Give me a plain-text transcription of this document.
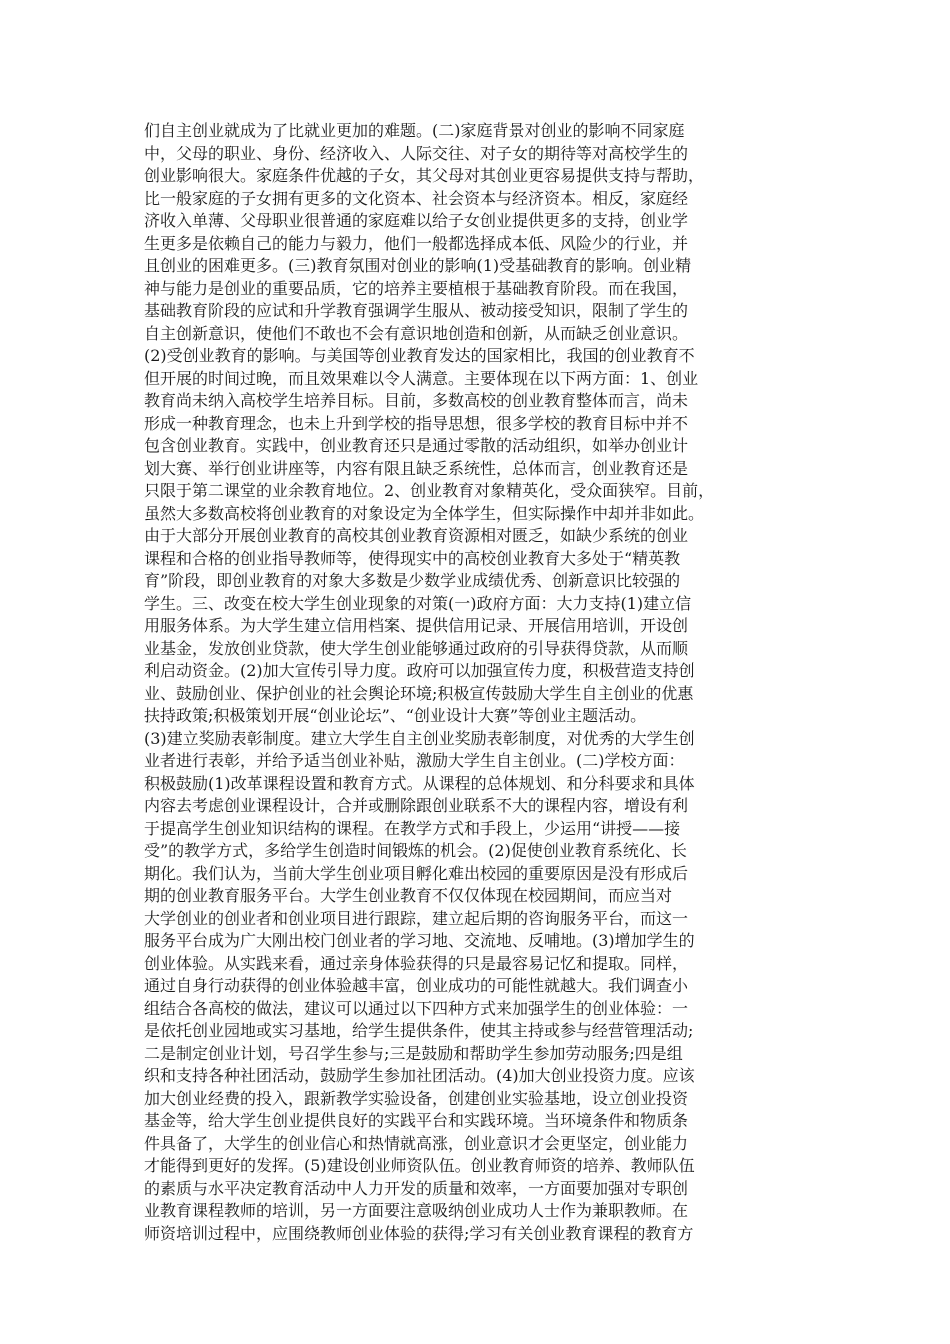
们自主创业就成为了比就业更加的难题。(二)家庭背景对创业的影响不同家庭
中，父母的职业、身份、经济收入、人际交往、对子女的期待等对高校学生的
创业影响很大。家庭条件优越的子女，其父母对其创业更容易提供支持与帮助，
比一般家庭的子女拥有更多的文化资本、社会资本与经济资本。相反，家庭经
济收入单薄、父母职业很普通的家庭难以给子女创业提供更多的支持，创业学
生更多是依赖自己的能力与毅力，他们一般都选择成本低、风险少的行业，并
且创业的困难更多。(三)教育氛围对创业的影响(1)受基础教育的影响。创业精
神与能力是创业的重要品质，它的培养主要植根于基础教育阶段。而在我国，
基础教育阶段的应试和升学教育强调学生服从、被动接受知识，限制了学生的
自主创新意识，使他们不敢也不会有意识地创造和创新，从而缺乏创业意识。
(2)受创业教育的影响。与美国等创业教育发达的国家相比，我国的创业教育不
但开展的时间过晚，而且效果难以令人满意。主要体现在以下两方面：1、创业
教育尚未纳入高校学生培养目标。目前，多数高校的创业教育整体而言，尚未
形成一种教育理念，也未上升到学校的指导思想，很多学校的教育目标中并不
包含创业教育。实践中，创业教育还只是通过零散的活动组织，如举办创业计
划大赛、举行创业讲座等，内容有限且缺乏系统性，总体而言，创业教育还是
只限于第二课堂的业余教育地位。2、创业教育对象精英化，受众面狭窄。目前，
虽然大多数高校将创业教育的对象设定为全体学生，但实际操作中却并非如此。
由于大部分开展创业教育的高校其创业教育资源相对匮乏，如缺少系统的创业
课程和合格的创业指导教师等，使得现实中的高校创业教育大多处于“精英教
育”阶段，即创业教育的对象大多数是少数学业成绩优秀、创新意识比较强的
学生。三、改变在校大学生创业现象的对策(一)政府方面：大力支持(1)建立信
用服务体系。为大学生建立信用档案、提供信用记录、开展信用培训，开设创
业基金，发放创业贷款，使大学生创业能够通过政府的引导获得贷款，从而顺
利启动资金。(2)加大宣传引导力度。政府可以加强宣传力度，积极营造支持创
业、鼓励创业、保护创业的社会舆论环境;积极宣传鼓励大学生自主创业的优惠
扶持政策;积极策划开展“创业论坛”、“创业设计大赛”等创业主题活动。
(3)建立奖励表彰制度。建立大学生自主创业奖励表彰制度，对优秀的大学生创
业者进行表彰，并给予适当创业补贴，激励大学生自主创业。(二)学校方面：
积极鼓励(1)改革课程设置和教育方式。从课程的总体规划、和分科要求和具体
内容去考虑创业课程设计，合并或删除跟创业联系不大的课程内容，增设有利
于提高学生创业知识结构的课程。在教学方式和手段上，少运用“讲授——接
受”的教学方式，多给学生创造时间锻炼的机会。(2)促使创业教育系统化、长
期化。我们认为，当前大学生创业项目孵化难出校园的重要原因是没有形成后
期的创业教育服务平台。大学生创业教育不仅仅体现在校园期间，而应当对
大学创业的创业者和创业项目进行跟踪，建立起后期的咨询服务平台，而这一
服务平台成为广大刚出校门创业者的学习地、交流地、反哺地。(3)增加学生的
创业体验。从实践来看，通过亲身体验获得的只是最容易记忆和提取。同样，
通过自身行动获得的创业体验越丰富，创业成功的可能性就越大。我们调查小
组结合各高校的做法，建议可以通过以下四种方式来加强学生的创业体验：一
是依托创业园地或实习基地，给学生提供条件，使其主持或参与经营管理活动;
二是制定创业计划，号召学生参与;三是鼓励和帮助学生参加劳动服务;四是组
织和支持各种社团活动，鼓励学生参加社团活动。(4)加大创业投资力度。应该
加大创业经费的投入，跟新教学实验设备，创建创业实验基地，设立创业投资
基金等，给大学生创业提供良好的实践平台和实践环境。当环境条件和物质条
件具备了，大学生的创业信心和热情就高涨，创业意识才会更坚定，创业能力
才能得到更好的发挥。(5)建设创业师资队伍。创业教育师资的培养、教师队伍
的素质与水平决定教育活动中人力开发的质量和效率，一方面要加强对专职创
业教育课程教师的培训，另一方面要注意吸纳创业成功人士作为兼职教师。在
师资培训过程中，应围绕教师创业体验的获得;学习有关创业教育课程的教育方
